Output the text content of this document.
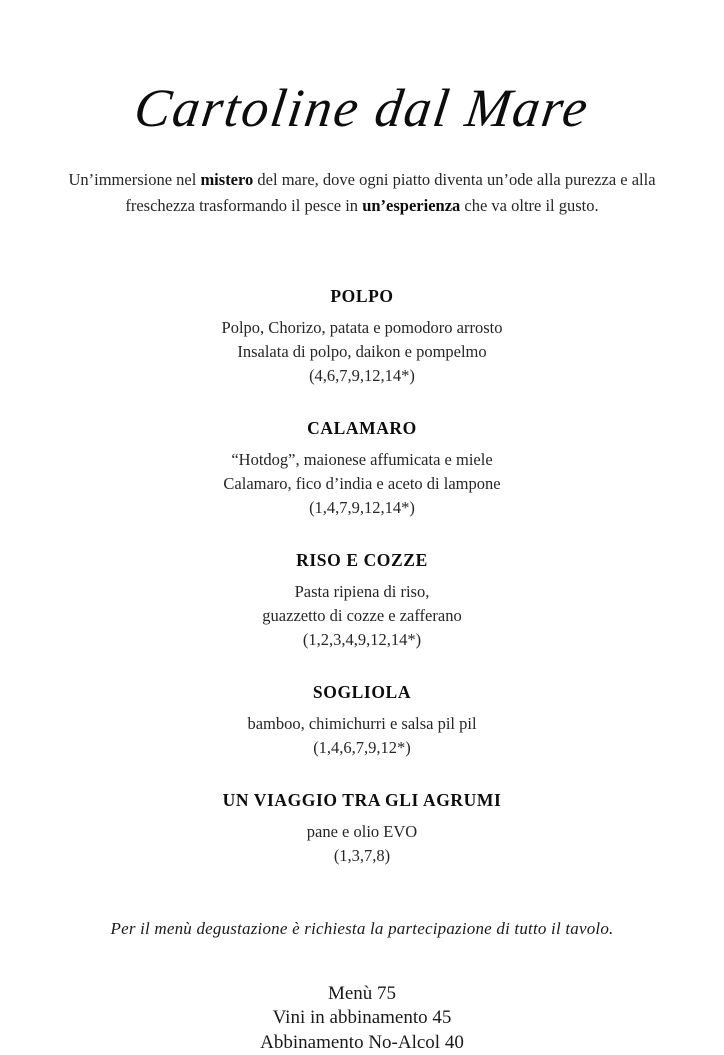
Cartoline dal Mare

Un’immersione nel mistero del mare, dove ogni piatto diventa un’ode alla purezza e alla freschezza trasformando il pesce in un’esperienza che va oltre il gusto.

POLPO
Polpo, Chorizo, patata e pomodoro arrosto
Insalata di polpo, daikon e pompelmo
(4,6,7,9,12,14*)
CALAMARO
“Hotdog”, maionese affumicata e miele
Calamaro, fico d’india e aceto di lampone
(1,4,7,9,12,14*)
RISO E COZZE
Pasta ripiena di riso,
guazzetto di cozze e zafferano
(1,2,3,4,9,12,14*)
SOGLIOLA
bamboo, chimichurri e salsa pil pil
(1,4,6,7,9,12*)
UN VIAGGIO TRA GLI AGRUMI
pane e olio EVO
(1,3,7,8)

Per il menù degustazione è richiesta la partecipazione di tutto il tavolo.

Menù 75
Vini in abbinamento 45
Abbinamento No-Alcol 40
